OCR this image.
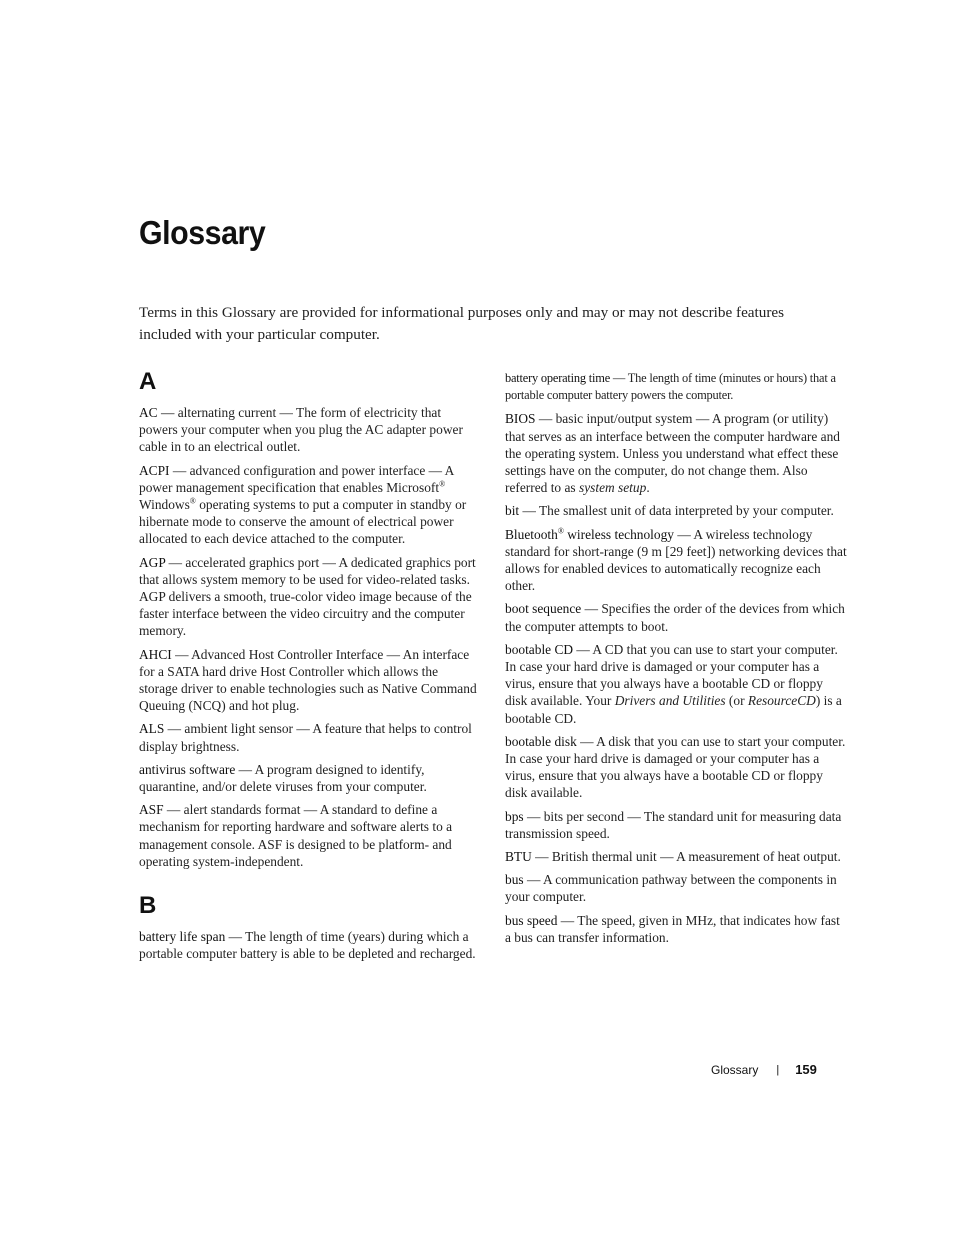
Glossary

Terms in this Glossary are provided for informational purposes only and may or may not describe features included with your particular computer.

A

AC — alternating current — The form of electricity that powers your computer when you plug the AC adapter power cable in to an electrical outlet.

ACPI — advanced configuration and power interface — A power management specification that enables Microsoft® Windows® operating systems to put a computer in standby or hibernate mode to conserve the amount of electrical power allocated to each device attached to the computer.

AGP — accelerated graphics port — A dedicated graphics port that allows system memory to be used for video-related tasks. AGP delivers a smooth, true-color video image because of the faster interface between the video circuitry and the computer memory.

AHCI — Advanced Host Controller Interface — An interface for a SATA hard drive Host Controller which allows the storage driver to enable technologies such as Native Command Queuing (NCQ) and hot plug.

ALS — ambient light sensor — A feature that helps to control display brightness.

antivirus software — A program designed to identify, quarantine, and/or delete viruses from your computer.

ASF — alert standards format — A standard to define a mechanism for reporting hardware and software alerts to a management console. ASF is designed to be platform- and operating system-independent.

B

battery life span — The length of time (years) during which a portable computer battery is able to be depleted and recharged.

battery operating time — The length of time (minutes or hours) that a portable computer battery powers the computer.

BIOS — basic input/output system — A program (or utility) that serves as an interface between the computer hardware and the operating system. Unless you understand what effect these settings have on the computer, do not change them. Also referred to as system setup.

bit — The smallest unit of data interpreted by your computer.

Bluetooth® wireless technology — A wireless technology standard for short-range (9 m [29 feet]) networking devices that allows for enabled devices to automatically recognize each other.

boot sequence — Specifies the order of the devices from which the computer attempts to boot.

bootable CD — A CD that you can use to start your computer. In case your hard drive is damaged or your computer has a virus, ensure that you always have a bootable CD or floppy disk available. Your Drivers and Utilities (or ResourceCD) is a bootable CD.

bootable disk — A disk that you can use to start your computer. In case your hard drive is damaged or your computer has a virus, ensure that you always have a bootable CD or floppy disk available.

bps — bits per second — The standard unit for measuring data transmission speed.

BTU — British thermal unit — A measurement of heat output.

bus — A communication pathway between the components in your computer.

bus speed — The speed, given in MHz, that indicates how fast a bus can transfer information.

Glossary | 159
